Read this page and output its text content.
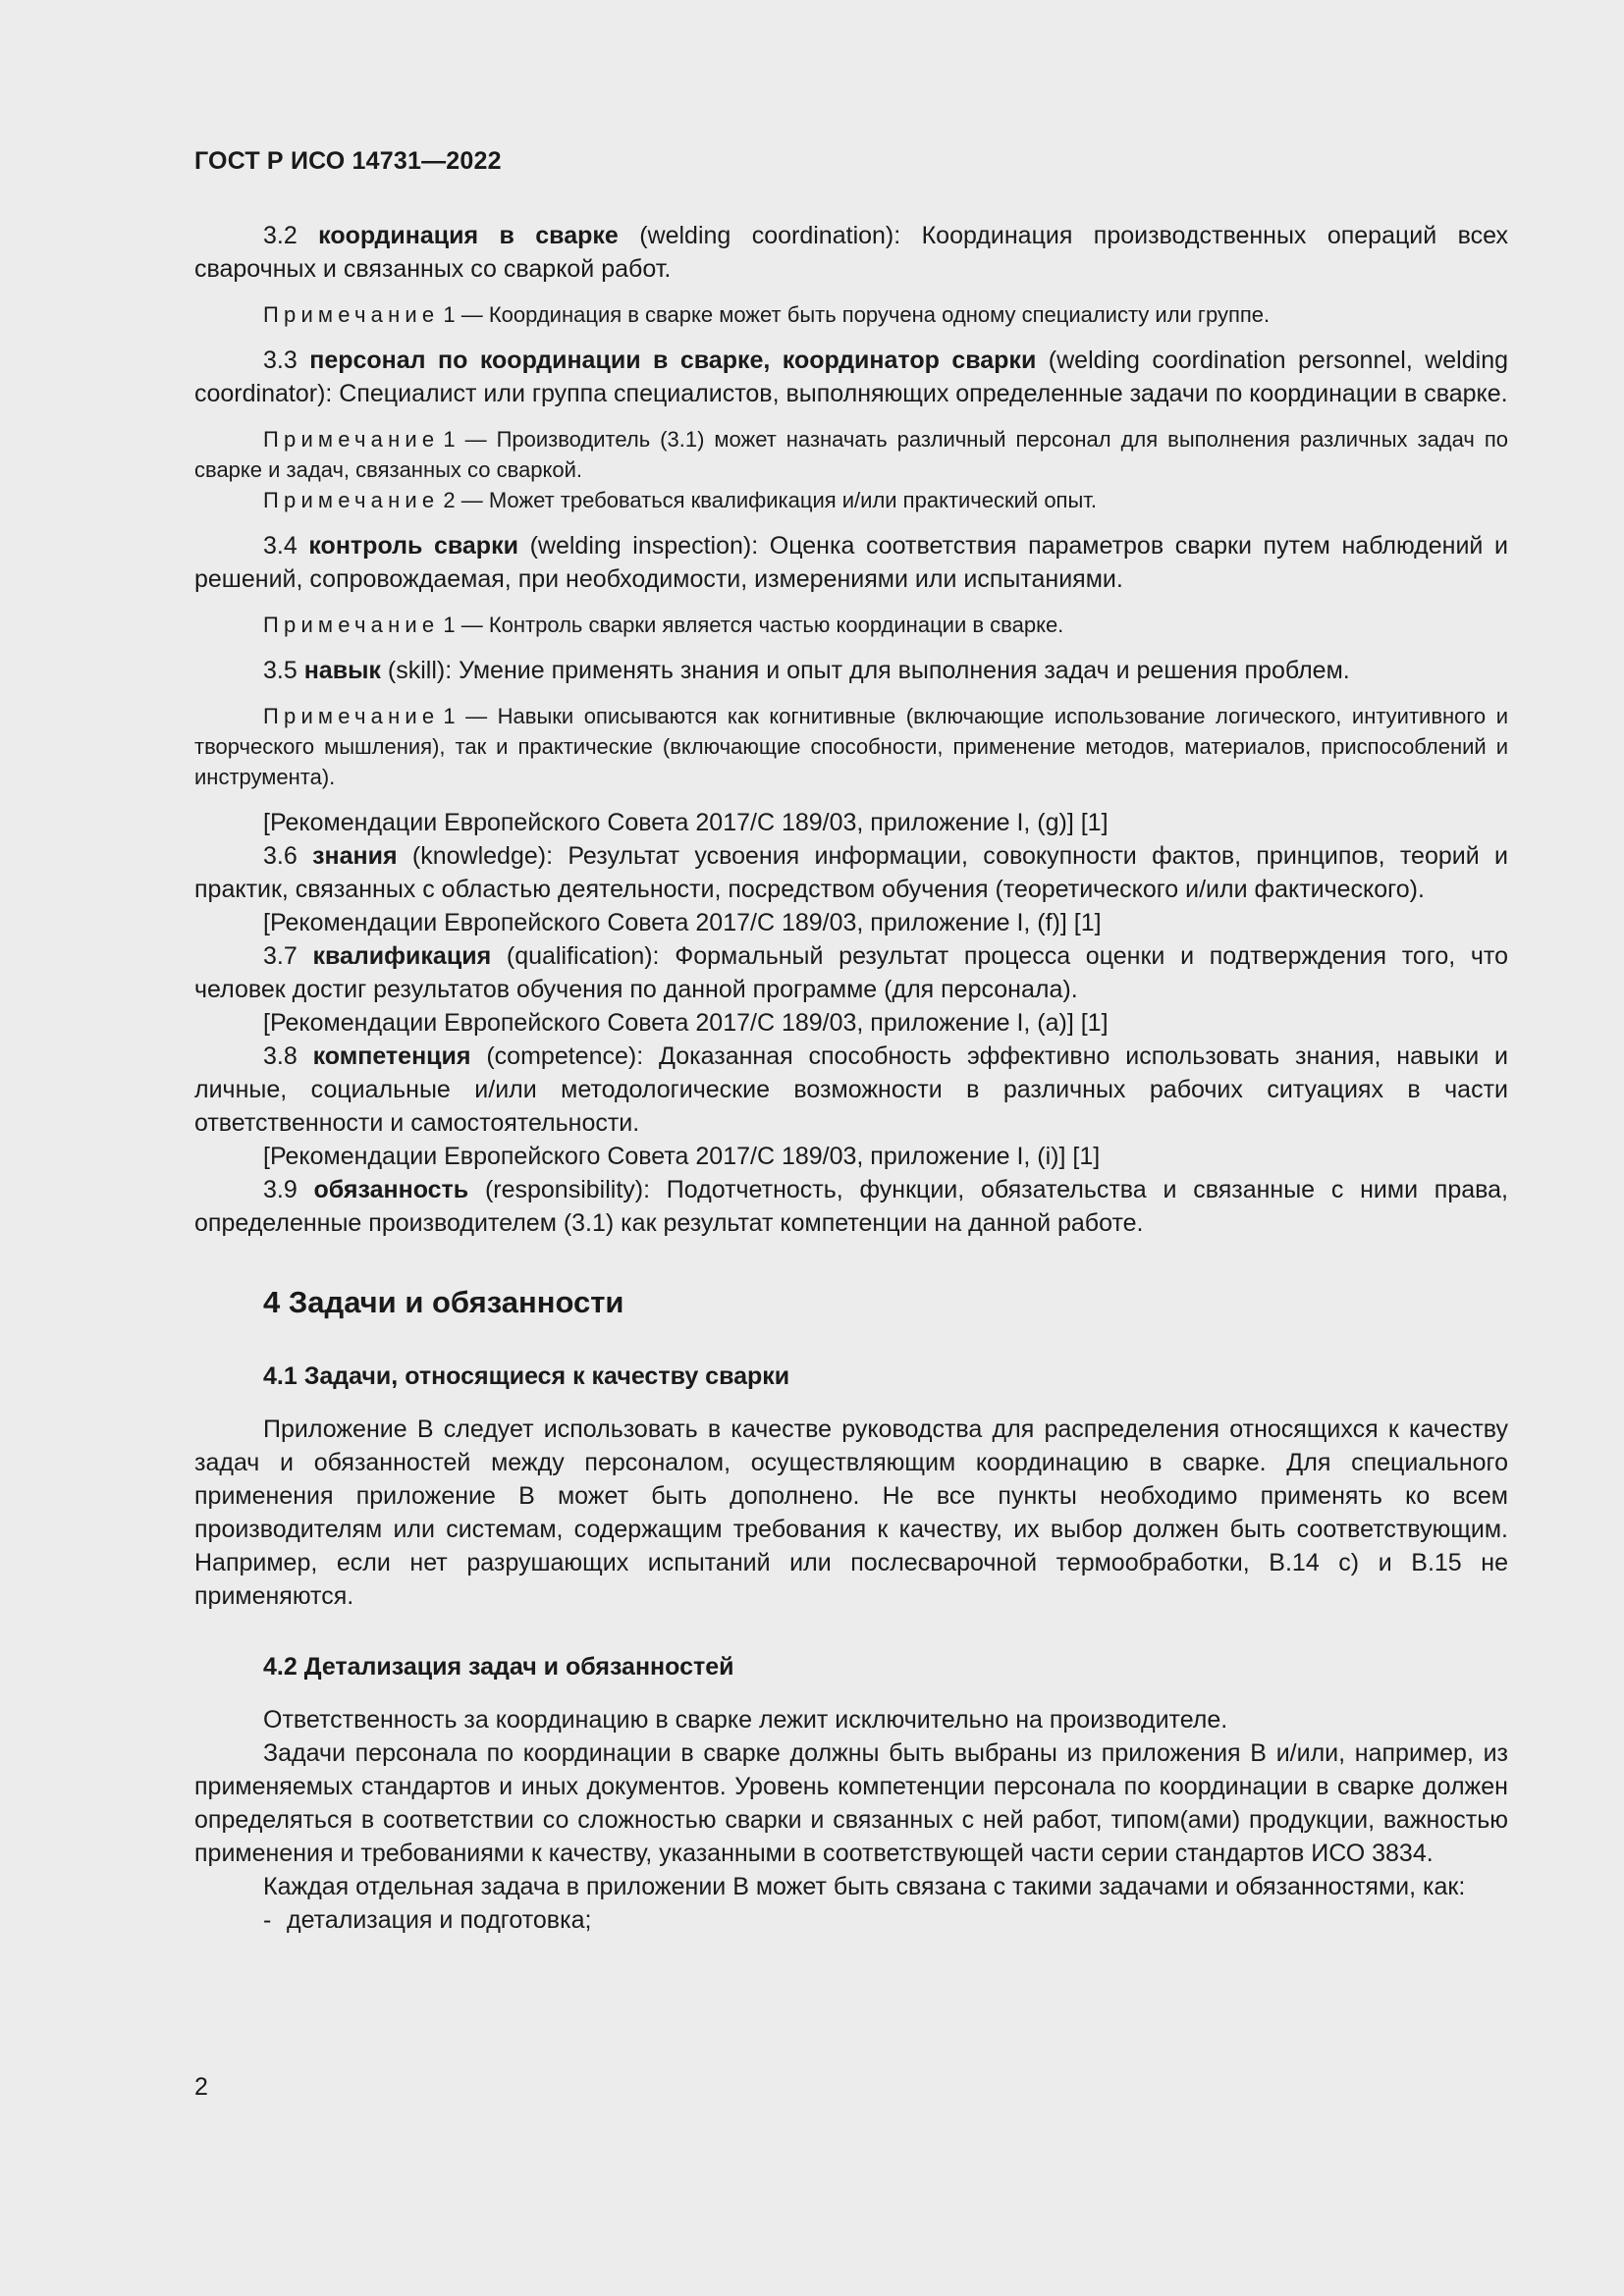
ГОСТ Р ИСО 14731—2022

3.2 координация в сварке (welding coordination): Координация производственных операций всех сварочных и связанных со сваркой работ.

Примечание 1 — Координация в сварке может быть поручена одному специалисту или группе.

3.3 персонал по координации в сварке, координатор сварки (welding coordination personnel, welding coordinator): Специалист или группа специалистов, выполняющих определенные задачи по координации в сварке.

Примечание 1 — Производитель (3.1) может назначать различный персонал для выполнения различных задач по сварке и задач, связанных со сваркой.

Примечание 2 — Может требоваться квалификация и/или практический опыт.

3.4 контроль сварки (welding inspection): Оценка соответствия параметров сварки путем наблюдений и решений, сопровождаемая, при необходимости, измерениями или испытаниями.

Примечание 1 — Контроль сварки является частью координации в сварке.

3.5 навык (skill): Умение применять знания и опыт для выполнения задач и решения проблем.

Примечание 1 — Навыки описываются как когнитивные (включающие использование логического, интуитивного и творческого мышления), так и практические (включающие способности, применение методов, материалов, приспособлений и инструмента).

[Рекомендации Европейского Совета 2017/C 189/03, приложение I, (g)] [1]

3.6 знания (knowledge): Результат усвоения информации, совокупности фактов, принципов, теорий и практик, связанных с областью деятельности, посредством обучения (теоретического и/или фактического).

[Рекомендации Европейского Совета 2017/C 189/03, приложение I, (f)] [1]

3.7 квалификация (qualification): Формальный результат процесса оценки и подтверждения того, что человек достиг результатов обучения по данной программе (для персонала).

[Рекомендации Европейского Совета 2017/C 189/03, приложение I, (a)] [1]

3.8 компетенция (competence): Доказанная способность эффективно использовать знания, навыки и личные, социальные и/или методологические возможности в различных рабочих ситуациях в части ответственности и самостоятельности.

[Рекомендации Европейского Совета 2017/C 189/03, приложение I, (i)] [1]

3.9 обязанность (responsibility): Подотчетность, функции, обязательства и связанные с ними права, определенные производителем (3.1) как результат компетенции на данной работе.

4 Задачи и обязанности
4.1 Задачи, относящиеся к качеству сварки

Приложение В следует использовать в качестве руководства для распределения относящихся к качеству задач и обязанностей между персоналом, осуществляющим координацию в сварке. Для специального применения приложение В может быть дополнено. Не все пункты необходимо применять ко всем производителям или системам, содержащим требования к качеству, их выбор должен быть соответствующим. Например, если нет разрушающих испытаний или послесварочной термообработки, В.14 с) и В.15 не применяются.

4.2 Детализация задач и обязанностей

Ответственность за координацию в сварке лежит исключительно на производителе.

Задачи персонала по координации в сварке должны быть выбраны из приложения В и/или, например, из применяемых стандартов и иных документов. Уровень компетенции персонала по координации в сварке должен определяться в соответствии со сложностью сварки и связанных с ней работ, типом(ами) продукции, важностью применения и требованиями к качеству, указанными в соответствующей части серии стандартов ИСО 3834.

Каждая отдельная задача в приложении В может быть связана с такими задачами и обязанностями, как:

- детализация и подготовка;
2
